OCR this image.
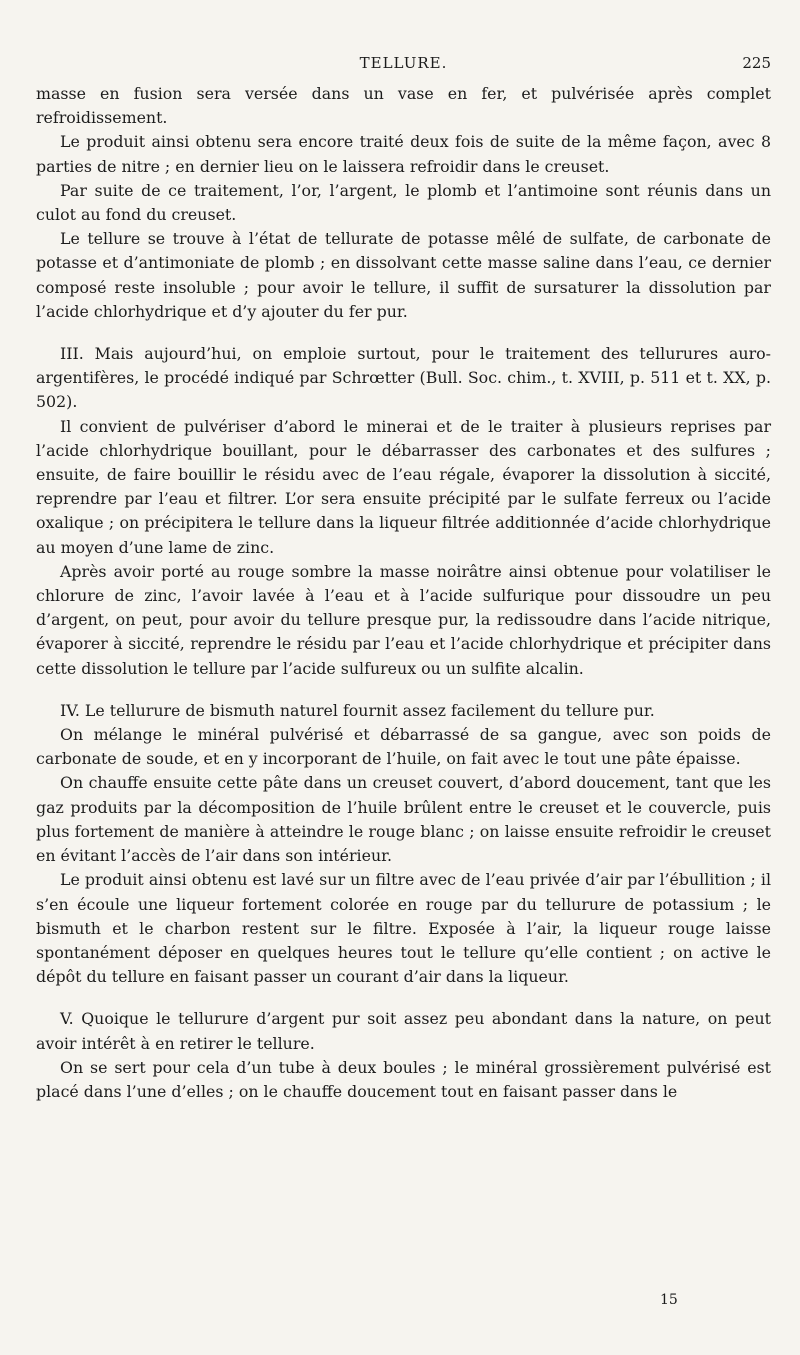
TELLURE.	225

masse en fusion sera versée dans un vase en fer, et pulvérisée après complet refroidissement.

Le produit ainsi obtenu sera encore traité deux fois de suite de la même façon, avec 8 parties de nitre ; en dernier lieu on le laissera refroidir dans le creuset.

Par suite de ce traitement, l’or, l’argent, le plomb et l’antimoine sont réunis dans un culot au fond du creuset.

Le tellure se trouve à l’état de tellurate de potasse mêlé de sulfate, de carbonate de potasse et d’antimoniate de plomb ; en dissolvant cette masse saline dans l’eau, ce dernier composé reste insoluble ; pour avoir le tellure, il suffit de sursaturer la dissolution par l’acide chlorhydrique et d’y ajouter du fer pur.

III. Mais aujourd’hui, on emploie surtout, pour le traitement des tellurures auro-argentifères, le procédé indiqué par Schrœtter (Bull. Soc. chim., t. XVIII, p. 511 et t. XX, p. 502).

Il convient de pulvériser d’abord le minerai et de le traiter à plusieurs reprises par l’acide chlorhydrique bouillant, pour le débarrasser des carbonates et des sulfures ; ensuite, de faire bouillir le résidu avec de l’eau régale, évaporer la dissolution à siccité, reprendre par l’eau et filtrer. L’or sera ensuite précipité par le sulfate ferreux ou l’acide oxalique ; on précipitera le tellure dans la liqueur filtrée additionnée d’acide chlorhydrique au moyen d’une lame de zinc.

Après avoir porté au rouge sombre la masse noirâtre ainsi obtenue pour volatiliser le chlorure de zinc, l’avoir lavée à l’eau et à l’acide sulfurique pour dissoudre un peu d’argent, on peut, pour avoir du tellure presque pur, la redissoudre dans l’acide nitrique, évaporer à siccité, reprendre le résidu par l’eau et l’acide chlorhydrique et précipiter dans cette dissolution le tellure par l’acide sulfureux ou un sulfite alcalin.

IV. Le tellurure de bismuth naturel fournit assez facilement du tellure pur.

On mélange le minéral pulvérisé et débarrassé de sa gangue, avec son poids de carbonate de soude, et en y incorporant de l’huile, on fait avec le tout une pâte épaisse.

On chauffe ensuite cette pâte dans un creuset couvert, d’abord doucement, tant que les gaz produits par la décomposition de l’huile brûlent entre le creuset et le couvercle, puis plus fortement de manière à atteindre le rouge blanc ; on laisse ensuite refroidir le creuset en évitant l’accès de l’air dans son intérieur.

Le produit ainsi obtenu est lavé sur un filtre avec de l’eau privée d’air par l’ébullition ; il s’en écoule une liqueur fortement colorée en rouge par du tellurure de potassium ; le bismuth et le charbon restent sur le filtre. Exposée à l’air, la liqueur rouge laisse spontanément déposer en quelques heures tout le tellure qu’elle contient ; on active le dépôt du tellure en faisant passer un courant d’air dans la liqueur.

V. Quoique le tellurure d’argent pur soit assez peu abondant dans la nature, on peut avoir intérêt à en retirer le tellure.

On se sert pour cela d’un tube à deux boules ; le minéral grossièrement pulvérisé est placé dans l’une d’elles ; on le chauffe doucement tout en faisant passer dans le

15
